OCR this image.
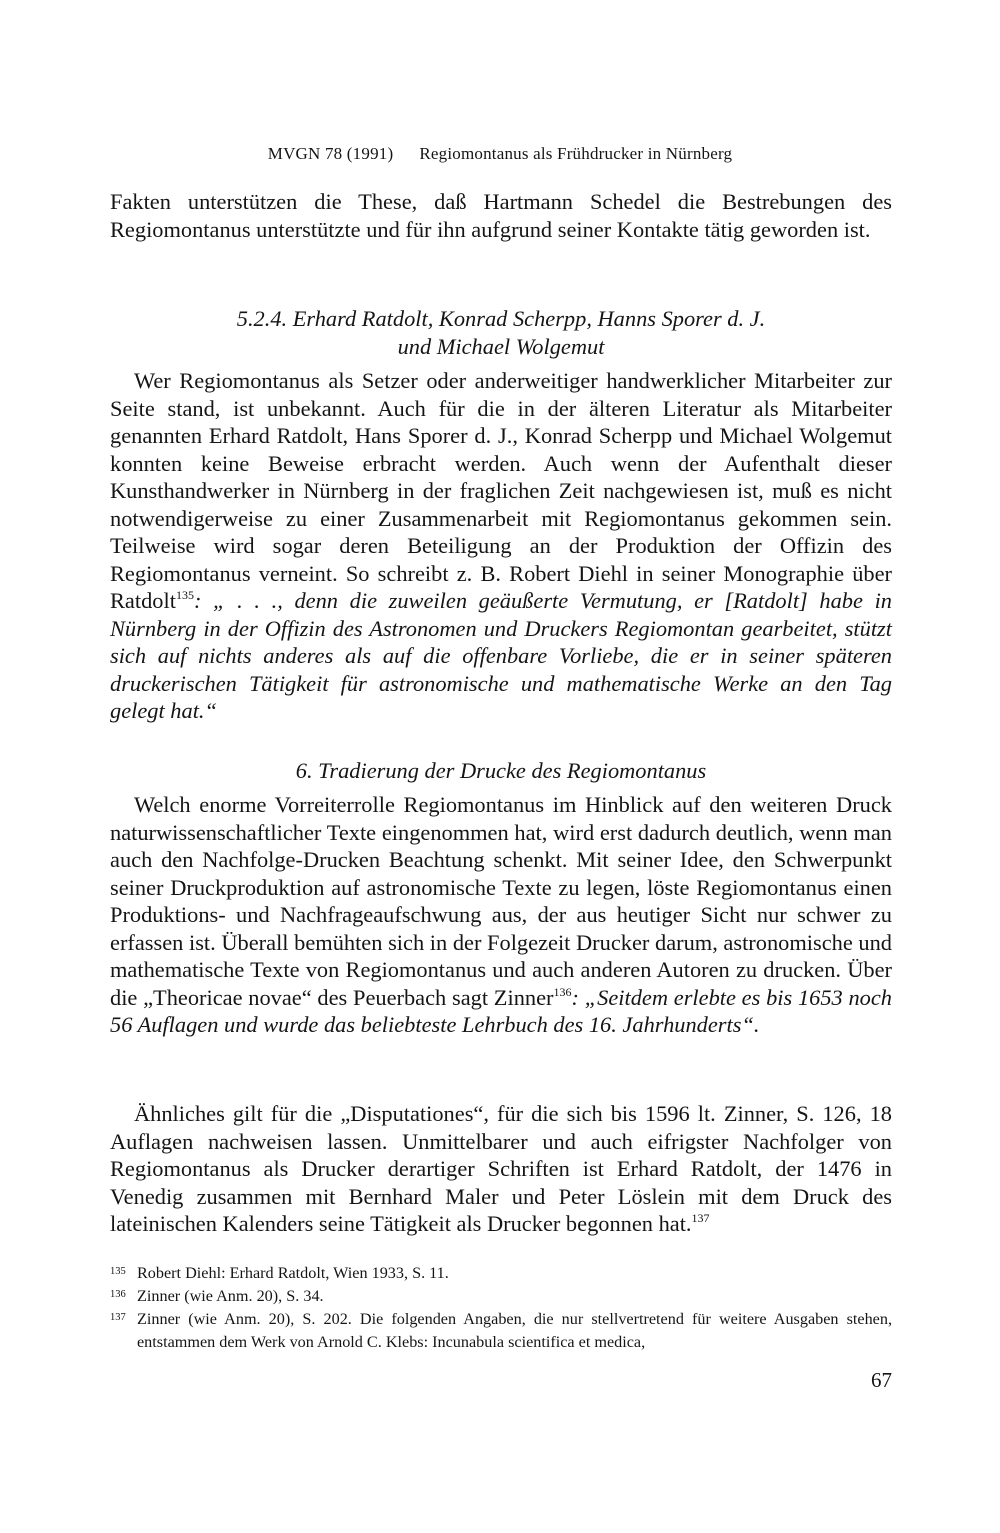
MVGN 78 (1991) Regiomontanus als Frühdrucker in Nürnberg

Fakten unterstützen die These, daß Hartmann Schedel die Bestrebungen des Regiomontanus unterstützte und für ihn aufgrund seiner Kontakte tätig geworden ist.

5.2.4. Erhard Ratdolt, Konrad Scherpp, Hanns Sporer d. J.
und Michael Wolgemut

Wer Regiomontanus als Setzer oder anderweitiger handwerklicher Mitarbeiter zur Seite stand, ist unbekannt. Auch für die in der älteren Literatur als Mitarbeiter genannten Erhard Ratdolt, Hans Sporer d. J., Konrad Scherpp und Michael Wolgemut konnten keine Beweise erbracht werden. Auch wenn der Aufenthalt dieser Kunsthandwerker in Nürnberg in der fraglichen Zeit nachgewiesen ist, muß es nicht notwendigerweise zu einer Zusammenarbeit mit Regiomontanus gekommen sein. Teilweise wird sogar deren Beteiligung an der Produktion der Offizin des Regiomontanus verneint. So schreibt z. B. Robert Diehl in seiner Monographie über Ratdolt$^{135}$: „ . . ., denn die zuweilen geäußerte Vermutung, er [Ratdolt] habe in Nürnberg in der Offizin des Astronomen und Druckers Regiomontan gearbeitet, stützt sich auf nichts anderes als auf die offenbare Vorliebe, die er in seiner späteren druckerischen Tätigkeit für astronomische und mathematische Werke an den Tag gelegt hat.“

6. Tradierung der Drucke des Regiomontanus

Welch enorme Vorreiterrolle Regiomontanus im Hinblick auf den weiteren Druck naturwissenschaftlicher Texte eingenommen hat, wird erst dadurch deutlich, wenn man auch den Nachfolge-Drucken Beachtung schenkt. Mit seiner Idee, den Schwerpunkt seiner Druckproduktion auf astronomische Texte zu legen, löste Regiomontanus einen Produktions- und Nachfrageaufschwung aus, der aus heutiger Sicht nur schwer zu erfassen ist. Überall bemühten sich in der Folgezeit Drucker darum, astronomische und mathematische Texte von Regiomontanus und auch anderen Autoren zu drucken. Über die „Theoricae novae“ des Peuerbach sagt Zinner$^{136}$: „Seitdem erlebte es bis 1653 noch 56 Auflagen und wurde das beliebteste Lehrbuch des 16. Jahrhunderts“.

Ähnliches gilt für die „Disputationes“, für die sich bis 1596 lt. Zinner, S. 126, 18 Auflagen nachweisen lassen. Unmittelbarer und auch eifrigster Nachfolger von Regiomontanus als Drucker derartiger Schriften ist Erhard Ratdolt, der 1476 in Venedig zusammen mit Bernhard Maler und Peter Löslein mit dem Druck des lateinischen Kalenders seine Tätigkeit als Drucker begonnen hat.$^{137}$

135 Robert Diehl: Erhard Ratdolt, Wien 1933, S. 11.
136 Zinner (wie Anm. 20), S. 34.
137 Zinner (wie Anm. 20), S. 202. Die folgenden Angaben, die nur stellvertretend für weitere Ausgaben stehen, entstammen dem Werk von Arnold C. Klebs: Incunabula scientifica et medica,
67
